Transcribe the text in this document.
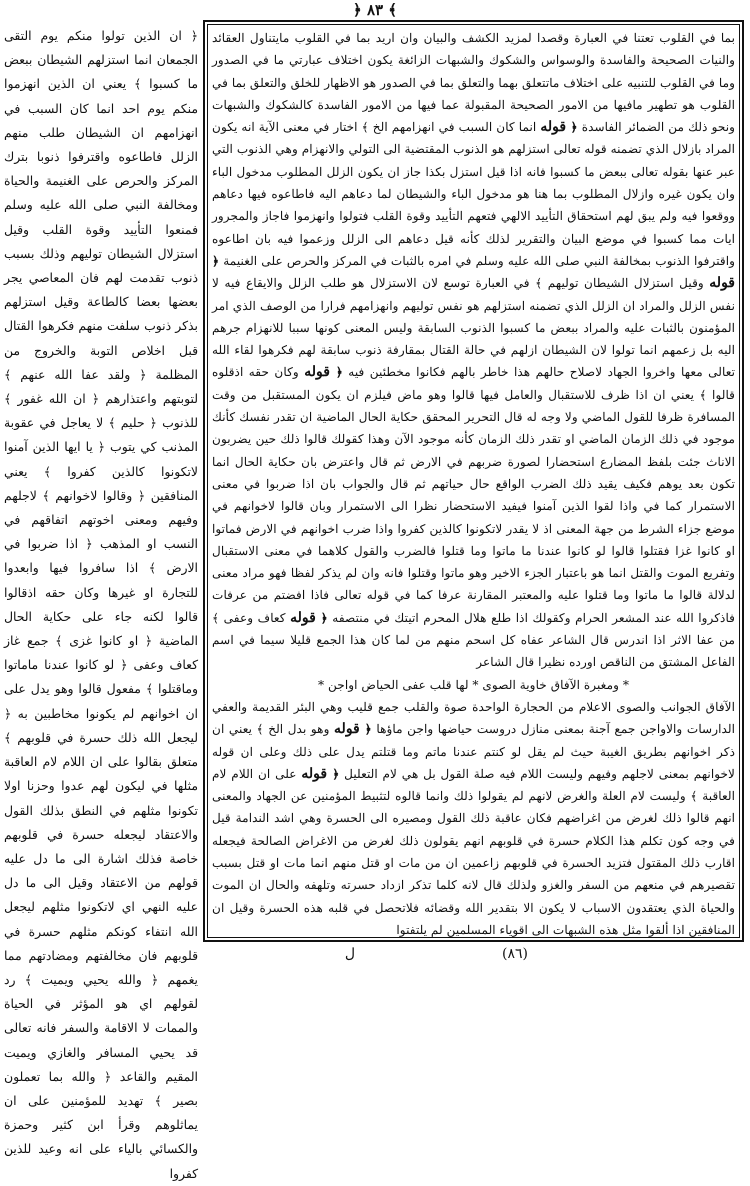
﴿ ٨٣ ﴾

﴿ ان الذين تولوا منكم يوم التقى الجمعان انما استزلهم الشيطان ببعض ما كسبوا ﴾ يعني ان الذين انهزموا منكم يوم احد انما كان السبب في انهزامهم ان الشيطان طلب منهم الزلل فاطاعوه واقترفوا ذنوبا بترك المركز والحرص على الغنيمة والحياة ومخالفة النبي صلى الله عليه وسلم فمنعوا التأييد وقوة القلب وقيل استزلال الشيطان توليهم وذلك بسبب ذنوب تقدمت لهم فان المعاصي يجر بعضها بعضا كالطاعة وقيل استزلهم بذكر ذنوب سلفت منهم فكرهوا القتال قبل اخلاص التوبة والخروج من المظلمة ﴿ ولقد عفا الله عنهم ﴾ لتوبتهم واعتذارهم ﴿ ان الله غفور ﴾ للذنوب ﴿ حليم ﴾ لا يعاجل في عقوبة المذنب كي يتوب ﴿ يا ايها الذين آمنوا لاتكونوا كالذين كفروا ﴾ يعني المنافقين ﴿ وقالوا لاخوانهم ﴾ لاجلهم وفيهم ومعنى اخوتهم اتفاقهم في النسب او المذهب ﴿ اذا ضربوا في الارض ﴾ اذا سافروا فيها وابعدوا للتجارة او غيرها وكان حقه اذقالوا قالوا لكنه جاء على حكاية الحال الماضية ﴿ او كانوا غزى ﴾ جمع غاز كعاف وعفى ﴿ لو كانوا عندنا ماماتوا وماقتلوا ﴾ مفعول قالوا وهو يدل على ان اخوانهم لم يكونوا مخاطبين به ﴿ ليجعل الله ذلك حسرة في قلوبهم ﴾ متعلق بقالوا على ان اللام لام العاقبة مثلها في ليكون لهم عدوا وحزنا اولا تكونوا مثلهم في النطق بذلك القول والاعتقاد ليجعله حسرة في قلوبهم خاصة فذلك اشارة الى ما دل عليه قولهم من الاعتقاد وقيل الى ما دل عليه النهي اي لاتكونوا مثلهم ليجعل الله انتفاء كونكم مثلهم حسرة في قلوبهم فان مخالفتهم ومضادتهم مما يغمهم ﴿ والله يحيي ويميت ﴾ رد لقولهم اي هو المؤثر في الحياة والممات لا الاقامة والسفر فانه تعالى قد يحيي المسافر والغازي ويميت المقيم والقاعد ﴿ والله بما تعملون بصير ﴾ تهديد للمؤمنين على ان يماثلوهم وقرأ ابن كثير وحمزة والكسائي بالياء على انه وعيد للذين كفروا

بما في القلوب تعتنا في العبارة وقصدا لمزيد الكشف والبيان وان اريد بما في القلوب مايتناول العقائد والنيات الصحيحة والفاسدة والوسواس والشكوك والشبهات الزائغة يكون اختلاف عبارتي ما في الصدور وما في القلوب للتنبيه على اختلاف ماتتعلق بهما والتعلق بما في الصدور هو الاظهار للخلق والتعلق بما في القلوب هو تطهير مافيها من الامور الصحيحة المقبولة عما فيها من الامور الفاسدة كالشكوك والشبهات ونحو ذلك من الضمائر الفاسدة ﴿ قوله انما كان السبب في انهزامهم الخ ﴾ اختار في معنى الآية انه يكون المراد بازلال الذي تضمنه قوله تعالى استزلهم هو الذنوب المقتضية الى التولي والانهزام وهي الذنوب التي عبر عنها بقوله تعالى ببعض ما كسبوا فانه اذا قيل استزل بكذا جاز ان يكون الزلل المطلوب مدخول الباء وان يكون غيره وازلال المطلوب بما هنا هو مدخول الباء والشيطان لما دعاهم اليه فاطاعوه فيها دعاهم ووقعوا فيه ولم يبق لهم استحقاق التأييد الالهي فتعهم التأييد وقوة القلب فتولوا وانهزموا فاجاز والمجرور ايات مما كسبوا في موضع البيان والتقرير لذلك كأنه قيل دعاهم الى الزلل وزعموا فيه بان اطاعوه واقترفوا الذنوب بمخالفة النبي صلى الله عليه وسلم في امره بالثبات في المركز والحرص على الغنيمة ﴿ قوله وقيل استزلال الشيطان توليهم ﴾ في العبارة توسع لان الاستزلال هو طلب الزلل والايقاع فيه لا نفس الزلل والمراد ان الزلل الذي تضمنه استزلهم هو نفس توليهم وانهزامهم فرارا من الوصف الذي امر المؤمنون بالثبات عليه والمراد ببعض ما كسبوا الذنوب السابقة وليس المعنى كونها سببا للانهزام جرهم اليه بل زعمهم انما تولوا لان الشيطان ازلهم في حالة القتال بمقارفة ذنوب سابقة لهم فكرهوا لقاء الله تعالى معها واخروا الجهاد لاصلاح حالهم هذا خاطر بالهم فكانوا مخطئين فيه ﴿ قوله وكان حقه اذقلوه قالوا ﴾ يعني ان اذا ظرف للاستقبال والعامل فيها قالوا وهو ماض فيلزم ان يكون المستقبل من وقت المسافرة ظرفا للقول الماضي ولا وجه له قال التحرير المحقق حكاية الحال الماضية ان تقدر نفسك كأنك موجود في ذلك الزمان الماضي او تقدر ذلك الزمان كأنه موجود الآن وهذا كقولك قالوا ذلك حين يضربون الاناث جئت بلفظ المضارع استحضارا لصورة ضربهم في الارض ثم قال واعترض بان حكاية الحال انما تكون بعد يوهم فكيف يقيد ذلك الضرب الواقع حال حياتهم ثم قال والجواب بان اذا ضربوا في معنى الاستمرار كما في واذا لقوا الذين آمنوا فيفيد الاستحضار نظرا الى الاستمرار وبان قالوا لاخوانهم في موضع جزاء الشرط من جهة المعنى اذ لا يقدر لاتكونوا كالذين كفروا واذا ضرب اخوانهم في الارض فماتوا او كانوا غزا فقتلوا قالوا لو كانوا عندنا ما ماتوا وما قتلوا فالضرب والقول كلاهما في معنى الاستقبال وتفريع الموت والقتل انما هو باعتبار الجزء الاخير وهو ماتوا وقتلوا فانه وان لم يذكر لفظا فهو مراد معنى لدلالة قالوا ما ماتوا وما قتلوا عليه والمعتبر المقارنة عرفا كما في قوله تعالى فاذا افضتم من عرفات فاذكروا الله عند المشعر الحرام وكقولك اذا طلع هلال المحرم اتيتك في منتصفه ﴿ قوله كعاف وعفى ﴾ من عفا الاثر اذا اندرس قال الشاعر عفاه كل اسحم منهم من لما كان هذا الجمع قليلا سيما في اسم الفاعل المشتق من الناقص اورده نظيرا قال الشاعر

* ومغبرة الآفاق خاوية الصوى * لها قلب عفى الحياض اواجن *

الآفاق الجوانب والصوى الاعلام من الحجارة الواحدة صوة والقلب جمع قليب وهي البئر القديمة والعفي الدارسات والاواجن جمع آجنة بمعنى منازل دروست حياضها واجن ماؤها ﴿ قوله وهو بدل الخ ﴾ يعني ان ذكر اخوانهم بطريق الغيبة حيث لم يقل لو كنتم عندنا ماتم وما قتلتم يدل على ذلك وعلى ان قوله لاخوانهم بمعنى لاجلهم وفيهم وليست اللام فيه صلة القول بل هي لام التعليل ﴿ قوله على ان اللام لام العاقبة ﴾ وليست لام العلة والغرض لانهم لم يقولوا ذلك وانما قالوه لتثبيط المؤمنين عن الجهاد والمعنى انهم قالوا ذلك لغرض من اغراضهم فكان عاقبة ذلك القول ومصيره الى الحسرة وهي اشد الندامة قيل في وجه كون تكلم هذا الكلام حسرة في قلوبهم انهم يقولون ذلك لغرض من الاغراض الصالحة فيجعله اقارب ذلك المقتول فتزيد الحسرة في قلوبهم زاعمين ان من مات او قتل منهم انما مات او قتل بسبب تقصيرهم في منعهم من السفر والغزو ولذلك قال لانه كلما تذكر ازداد حسرته وتلهفه والحال ان الموت والحياة الذي يعتقدون الاسباب لا يكون الا بتقدير الله وقضائه فلاتحصل في قلبه هذه الحسرة وقيل ان المنافقين اذا ألقوا مثل هذه الشبهات الى اقوياء المسلمين لم يلتفتوا

ل	(٨٦)
